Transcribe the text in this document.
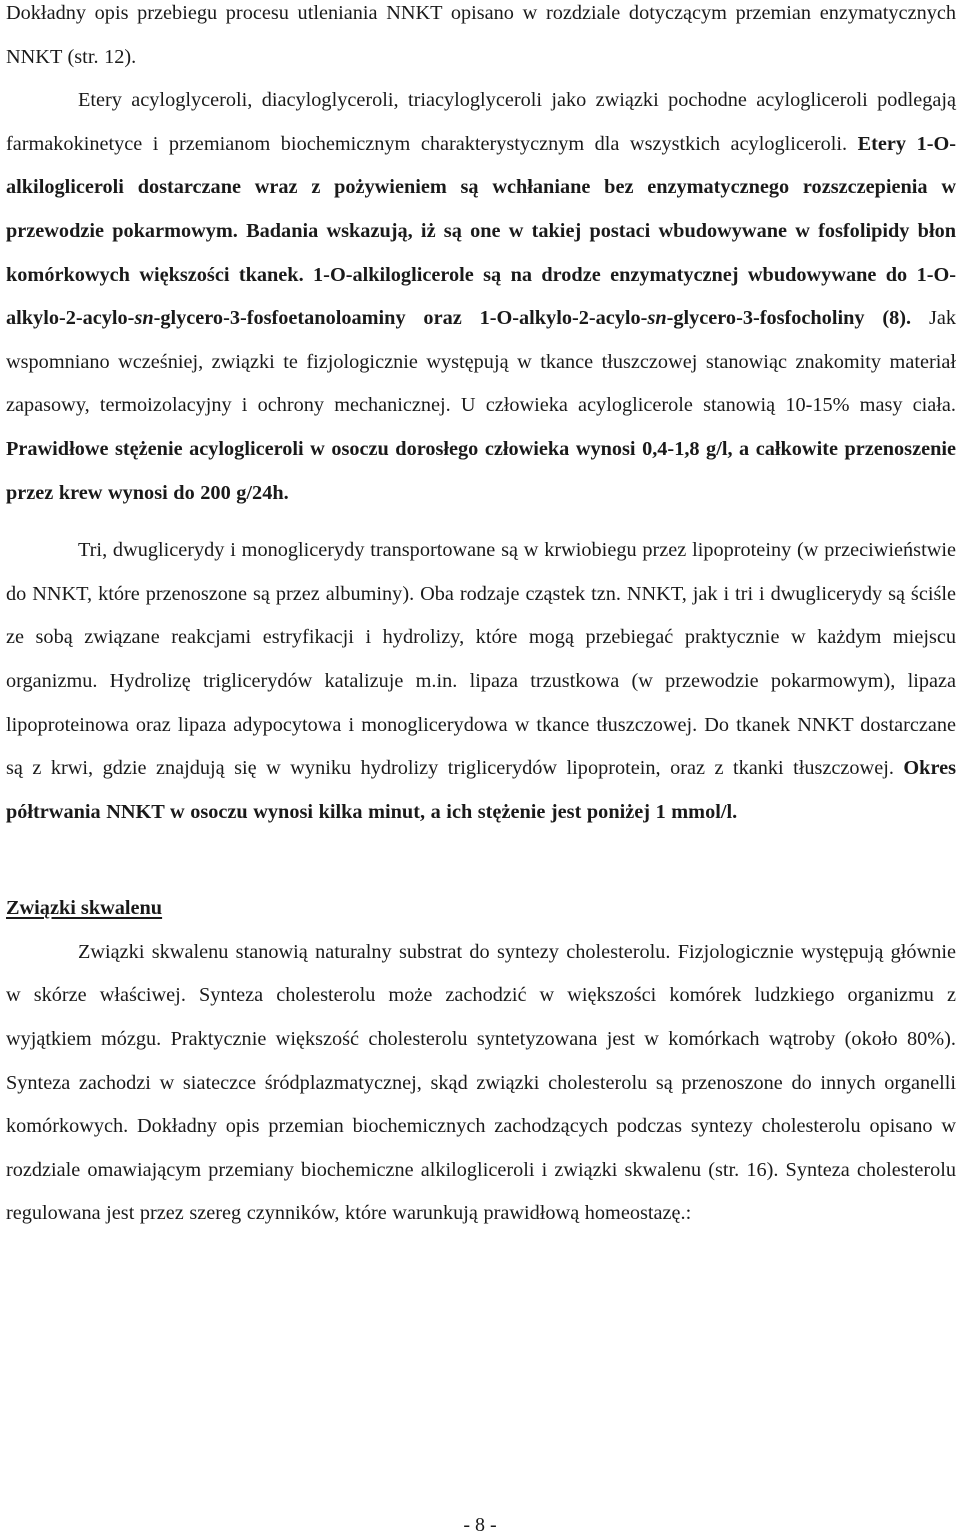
Dokładny opis przebiegu procesu utleniania NNKT opisano w rozdziale dotyczącym przemian enzymatycznych NNKT (str. 12).
Etery acyloglyceroli, diacyloglyceroli, triacyloglyceroli jako związki pochodne acylogliceroli podlegają farmakokinetyce i przemianom biochemicznym charakterystycznym dla wszystkich acylogliceroli. Etery 1-O-alkilogliceroli dostarczane wraz z pożywieniem są wchłaniane bez enzymatycznego rozszczepienia w przewodzie pokarmowym. Badania wskazują, iż są one w takiej postaci wbudowywane w fosfolipidy błon komórkowych większości tkanek. 1-O-alkiloglicerole są na drodze enzymatycznej wbudowywane do 1-O-alkylo-2-acylo-sn-glycero-3-fosfoetanoloaminy oraz 1-O-alkylo-2-acylo-sn-glycero-3-fosfocholiny (8). Jak wspomniano wcześniej, związki te fizjologicznie występują w tkance tłuszczowej stanowiąc znakomity materiał zapasowy, termoizolacyjny i ochrony mechanicznej. U człowieka acyloglicerole stanowią 10-15% masy ciała. Prawidłowe stężenie acylogliceroli w osoczu dorosłego człowieka wynosi 0,4-1,8 g/l, a całkowite przenoszenie przez krew wynosi do 200 g/24h.

Tri, dwuglicerydy i monoglicerydy transportowane są w krwiobiegu przez lipoproteiny (w przeciwieństwie do NNKT, które przenoszone są przez albuminy). Oba rodzaje cząstek tzn. NNKT, jak i tri i dwuglicerydy są ściśle ze sobą związane reakcjami estryfikacji i hydrolizy, które mogą przebiegać praktycznie w każdym miejscu organizmu. Hydrolizę triglicerydów katalizuje m.in. lipaza trzustkowa (w przewodzie pokarmowym), lipaza lipoproteinowa oraz lipaza adypocytowa i monoglicerydowa w tkance tłuszczowej. Do tkanek NNKT dostarczane są z krwi, gdzie znajdują się w wyniku hydrolizy triglicerydów lipoprotein, oraz z tkanki tłuszczowej. Okres półtrwania NNKT w osoczu wynosi kilka minut, a ich stężenie jest poniżej 1 mmol/l.

Związki skwalenu

Związki skwalenu stanowią naturalny substrat do syntezy cholesterolu. Fizjologicznie występują głównie w skórze właściwej. Synteza cholesterolu może zachodzić w większości komórek ludzkiego organizmu z wyjątkiem mózgu. Praktycznie większość cholesterolu syntetyzowana jest w komórkach wątroby (około 80%). Synteza zachodzi w siateczce śródplazmatycznej, skąd związki cholesterolu są przenoszone do innych organelli komórkowych. Dokładny opis przemian biochemicznych zachodzących podczas syntezy cholesterolu opisano w rozdziale omawiającym przemiany biochemiczne alkilogliceroli i związki skwalenu (str. 16). Synteza cholesterolu regulowana jest przez szereg czynników, które warunkują prawidłową homeostazę.:

- 8 -
